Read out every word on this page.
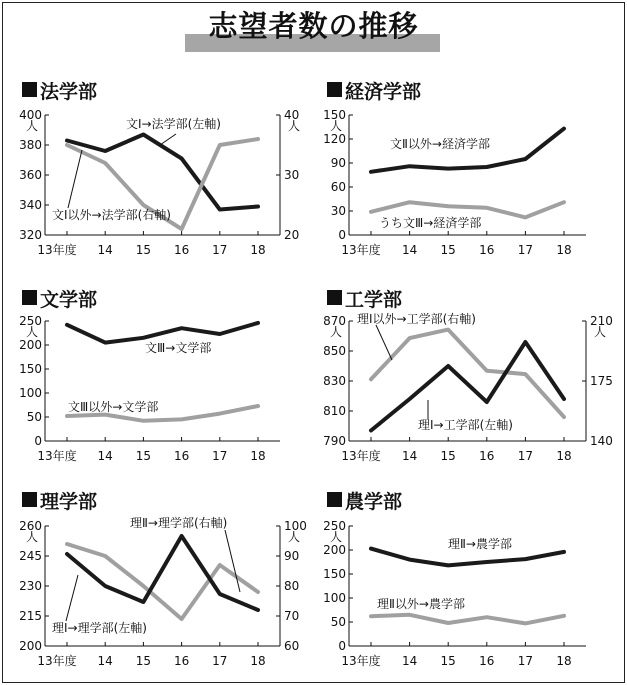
志望者数の推移
法学部
400
380
360
340
320
人
13年度 14 15 16 17 18
40
30
20
人
文Ⅰ→法学部(左軸)
文Ⅰ以外→法学部(右軸)
経済学部
150
120
90
60
30
0
人
13年度 14 15 16 17 18
文Ⅱ以外→経済学部
うち文Ⅲ→経済学部
文学部
250
200
150
100
50
0
人
13年度 14 15 16 17 18
文Ⅲ→文学部
文Ⅲ以外→文学部
工学部
870
850
830
810
790
人
13年度 14 15 16 17 18
210
175
140
人
理Ⅰ以外→工学部(右軸)
理Ⅰ→工学部(左軸)
理学部
260
245
230
215
200
人
13年度 14 15 16 17 18
100
90
80
70
60
人
理Ⅱ→理学部(右軸)
理Ⅰ→理学部(左軸)
農学部
250
200
150
100
50
0
人
13年度 14 15 16 17 18
理Ⅱ→農学部
理Ⅱ以外→農学部
